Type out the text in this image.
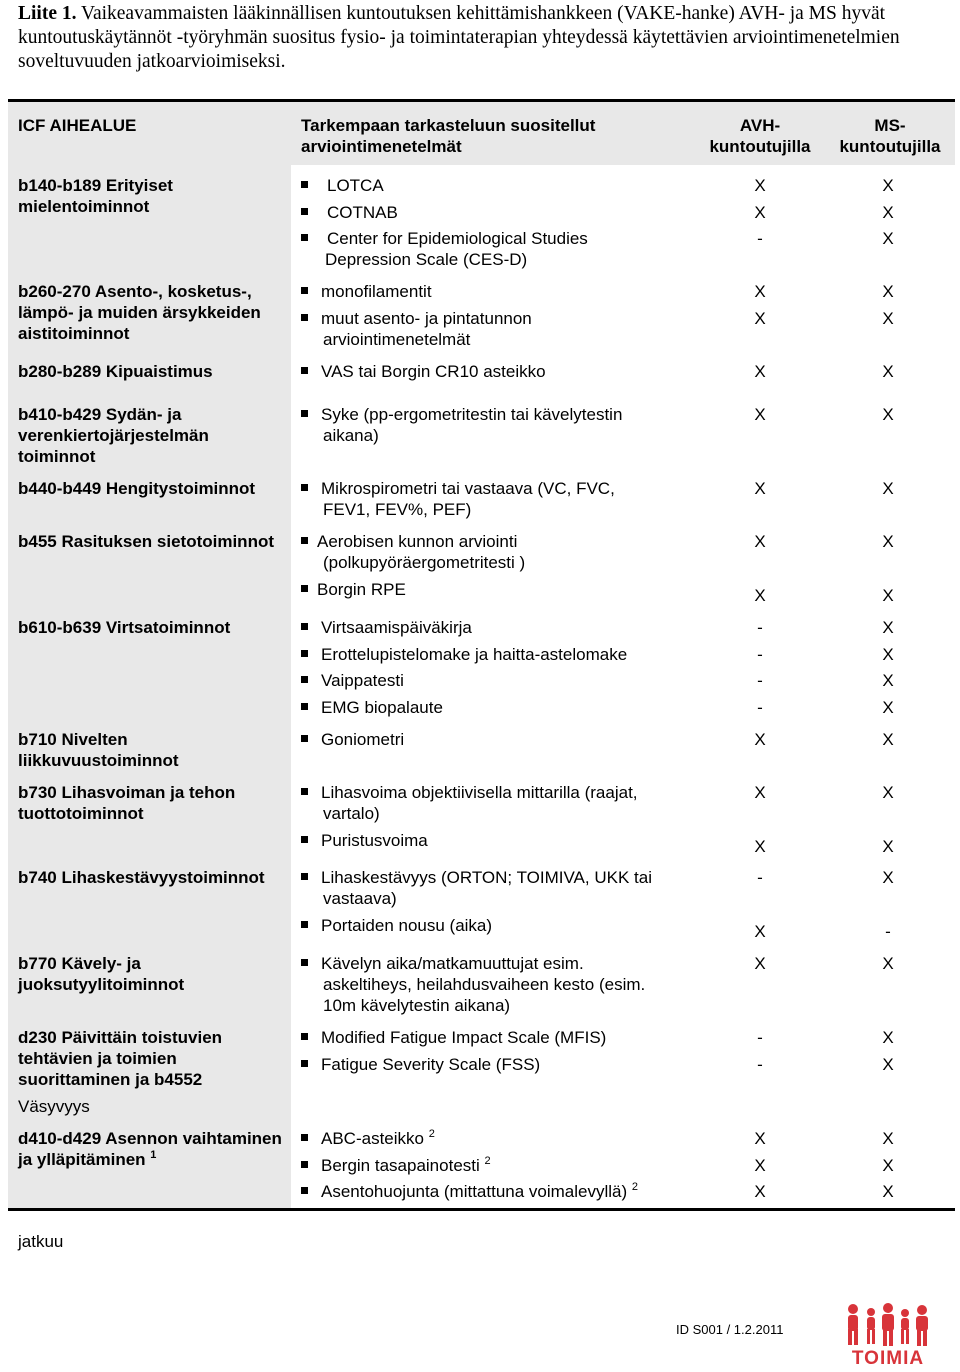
Liite 1. Vaikeavammaisten lääkinnällisen kuntoutuksen kehittämishankkeen (VAKE-hanke) AVH- ja MS hyvät kuntoutuskäytännöt -työryhmän suositus fysio- ja toimintaterapian yhteydessä käytettävien arviointimenetelmien soveltuvuuden jatkoarvioimiseksi.
ICF AIHEALUE	Tarkempaan tarkasteluun suositellut arviointimenetelmät
AVH-kuntoutujilla
MS-kuntoutujilla
b140-b189 Erityiset mielentoiminnot
b260-270 Asento-, kosketus-, lämpö- ja muiden ärsykkeiden aistitoiminnot
b280-b289 Kipuaistimus
b410-b429 Sydän- ja verenkiertojärjestelmän toiminnot
b440-b449 Hengitystoiminnot
b455 Rasituksen sietotoiminnot
b610-b639 Virtsatoiminnot
b710 Nivelten liikkuvuustoiminnot
b730 Lihasvoiman ja tehon tuottotoiminnot
b740 Lihaskestävyystoiminnot
b770 Kävely- ja juoksutyylitoiminnot
d230 Päivittäin toistuvien tehtävien ja toimien suorittaminen ja b4552
Väsyvyys
d410-d429 Asennon vaihtaminen ja ylläpitäminen $^1$
LOTCA
COTNAB
Center for Epidemiological Studies
Depression Scale (CES-D)
monofilamentit
muut asento- ja pintatunnon
arviointimenetelmät
VAS tai Borgin CR10 asteikko
Syke (pp-ergometritestin tai kävelytestin
aikana)
Mikrospirometri tai vastaava (VC, FVC,
FEV1, FEV%, PEF)
Aerobisen kunnon arviointi
(polkupyöräergometritesti )
Borgin RPE
Virtsaamispäiväkirja
Erottelupistelomake ja haitta-astelomake
Vaippatesti
EMG biopalaute
Goniometri
Lihasvoima objektiivisella mittarilla (raajat,
vartalo)
Puristusvoima
Lihaskestävyys (ORTON; TOIMIVA, UKK tai
vastaava)
Portaiden nousu (aika)
Kävelyn aika/matkamuuttujat esim.
askeltiheys, heilahdusvaiheen kesto (esim.
10m kävelytestin aikana)
Modified Fatigue Impact Scale (MFIS)
Fatigue Severity Scale (FSS)
ABC-asteikko $^2$
Bergin tasapainotesti $^2$
Asentohuojunta (mittattuna voimalevyllä) $^2$
X
X
-
X
X
X
X
X
X
X
-
-
-
-
X
X
X
-
X
X
-
-
X
X
X
X
X
X
X
X
X
X
X
X
X
X
X
X
X
X
X
X
X
-
X
X
X
X
X
X
jatkuu
ID S001 / 1.2.2011
TOIMIA
